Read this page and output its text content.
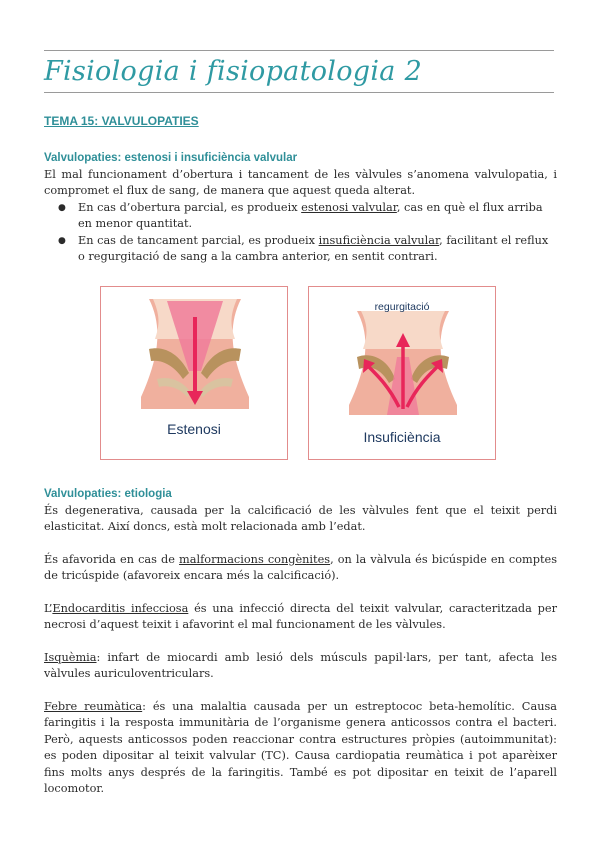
Fisiologia i fisiopatologia 2
TEMA 15: VALVULOPATIES
Valvulopaties: estenosi i insuficiència valvular

El mal funcionament d’obertura i tancament de les vàlvules s’anomena valvulopatia, i compromet el flux de sang, de manera que aquest queda alterat.

● En cas d’obertura parcial, es produeix estenosi valvular, cas en què el flux arriba en menor quantitat.
● En cas de tancament parcial, es produeix insuficiència valvular, facilitant el reflux o regurgitació de sang a la cambra anterior, en sentit contrari.
Estenosi
regurgitació
Insuficiència
Valvulopaties: etiologia

És degenerativa, causada per la calcificació de les vàlvules fent que el teixit perdi elasticitat. Així doncs, està molt relacionada amb l’edat.

És afavorida en cas de malformacions congènites, on la vàlvula és bicúspide en comptes de tricúspide (afavoreix encara més la calcificació).

L’Endocarditis infecciosa és una infecció directa del teixit valvular, caracteritzada per necrosi d’aquest teixit i afavorint el mal funcionament de les vàlvules.

Isquèmia: infart de miocardi amb lesió dels músculs papil·lars, per tant, afecta les vàlvules auriculoventriculars.

Febre reumàtica: és una malaltia causada per un estreptococ beta-hemolític. Causa faringitis i la resposta immunitària de l’organisme genera anticossos contra el bacteri. Però, aquests anticossos poden reaccionar contra estructures pròpies (autoimmunitat): es poden dipositar al teixit valvular (TC). Causa cardiopatia reumàtica i pot aparèixer fins molts anys després de la faringitis. També es pot dipositar en teixit de l’aparell locomotor.
